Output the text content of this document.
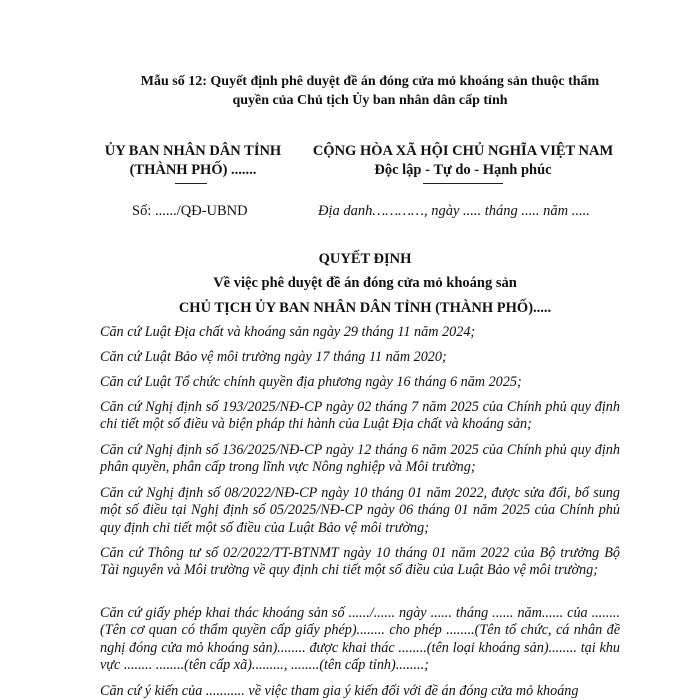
Mẫu số 12: Quyết định phê duyệt đề án đóng cửa mỏ khoáng sản thuộc thẩm
quyền của Chủ tịch Ủy ban nhân dân cấp tỉnh
ỦY BAN NHÂN DÂN TỈNH
(THÀNH PHỐ) .......
CỘNG HÒA XÃ HỘI CHỦ NGHĨA VIỆT NAM
Độc lập - Tự do - Hạnh phúc
Số: ....../QĐ-UBND	Địa danh…………, ngày ..... tháng ..... năm .....
QUYẾT ĐỊNH
Về việc phê duyệt đề án đóng cửa mỏ khoáng sản
CHỦ TỊCH ỦY BAN NHÂN DÂN TỈNH (THÀNH PHỐ).....
Căn cứ Luật Địa chất và khoáng sản ngày 29 tháng 11 năm 2024;
Căn cứ Luật Bảo vệ môi trường ngày 17 tháng 11 năm 2020;
Căn cứ Luật Tổ chức chính quyền địa phương ngày 16 tháng 6 năm 2025;
Căn cứ Nghị định số 193/2025/NĐ-CP ngày 02 tháng 7 năm 2025 của Chính phủ quy định chi tiết một số điều và biện pháp thi hành của Luật Địa chất và khoáng sản;
Căn cứ Nghị định số 136/2025/NĐ-CP ngày 12 tháng 6 năm 2025 của Chính phủ quy định phân quyền, phân cấp trong lĩnh vực Nông nghiệp và Môi trường;
Căn cứ Nghị định số 08/2022/NĐ-CP ngày 10 tháng 01 năm 2022, được sửa đổi, bổ sung một số điều tại Nghị định số 05/2025/NĐ-CP ngày 06 tháng 01 năm 2025 của Chính phủ quy định chi tiết một số điều của Luật Bảo vệ môi trường;
Căn cứ Thông tư số 02/2022/TT-BTNMT ngày 10 tháng 01 năm 2022 của Bộ trưởng Bộ Tài nguyên và Môi trường về quy định chi tiết một số điều của Luật Bảo vệ môi trường;
Căn cứ giấy phép khai thác khoáng sản số ....../...... ngày ...... tháng ...... năm...... của ........(Tên cơ quan có thẩm quyền cấp giấy phép)........ cho phép ........(Tên tổ chức, cá nhân đề nghị đóng cửa mỏ khoáng sản)........ được khai thác ........(tên loại khoáng sản)........ tại khu vực ........ ........(tên cấp xã)........., ........(tên cấp tỉnh)........;
Căn cứ ý kiến của ........... về việc tham gia ý kiến đối với đề án đóng cửa mỏ khoáng
